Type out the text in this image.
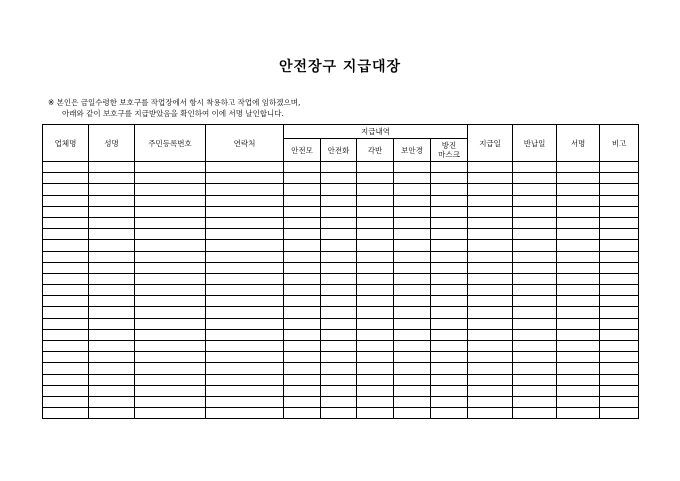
안전장구 지급대장
※ 본인은 금일수령한 보호구를 작업장에서 항시 착용하고 작업에 임하겠으며,
아래와 같이 보호구를 지급받았음을 확인하여 이에 서명 날인합니다.
업체명	성명	주민등록번호	연락처	지급내역					지급일	반납일	서명	비고
				안전모	안전화	각반	보안경	방진
마스크				
